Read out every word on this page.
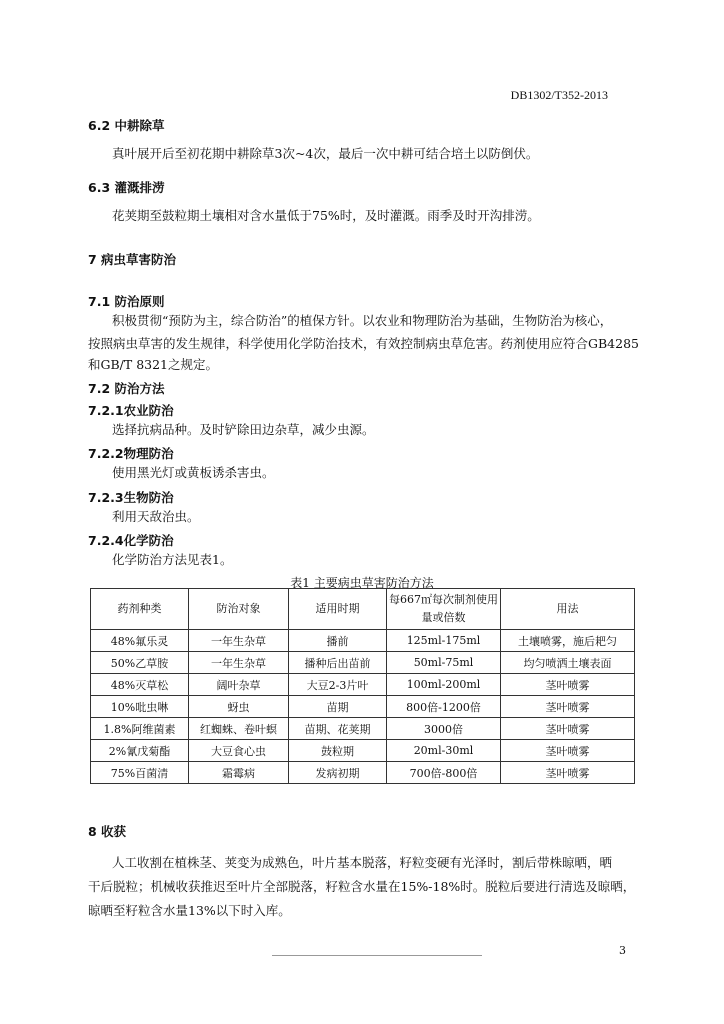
DB1302/T352-2013
6.2 中耕除草
真叶展开后至初花期中耕除草3次~4次，最后一次中耕可结合培土以防倒伏。
6.3 灌溉排涝
花荚期至鼓粒期土壤相对含水量低于75%时，及时灌溉。雨季及时开沟排涝。
7 病虫草害防治
7.1 防治原则
积极贯彻“预防为主，综合防治”的植保方针。以农业和物理防治为基础，生物防治为核心，
按照病虫草害的发生规律，科学使用化学防治技术，有效控制病虫草危害。药剂使用应符合GB4285
和GB/T 8321之规定。
7.2 防治方法
7.2.1农业防治
选择抗病品种。及时铲除田边杂草，减少虫源。
7.2.2物理防治
使用黑光灯或黄板诱杀害虫。
7.2.3生物防治
利用天敌治虫。
7.2.4化学防治
化学防治方法见表1。
表1 主要病虫草害防治方法
药剂种类	防治对象	适用时期	每667㎡每次制剂使用量或倍数	用法
48%氟乐灵	一年生杂草	播前	125ml-175ml	土壤喷雾，施后耙匀
50%乙草胺	一年生杂草	播种后出苗前	50ml-75ml	均匀喷洒土壤表面
48%灭草松	阔叶杂草	大豆2-3片叶	100ml-200ml	茎叶喷雾
10%吡虫啉	蚜虫	苗期	800倍-1200倍	茎叶喷雾
1.8%阿维菌素	红蜘蛛、卷叶螟	苗期、花荚期	3000倍	茎叶喷雾
2%氰戊菊酯	大豆食心虫	鼓粒期	20ml-30ml	茎叶喷雾
75%百菌清	霜霉病	发病初期	700倍-800倍	茎叶喷雾
8 收获
人工收割在植株茎、荚变为成熟色，叶片基本脱落，籽粒变硬有光泽时，割后带株晾晒，晒
干后脱粒；机械收获推迟至叶片全部脱落，籽粒含水量在15%-18%时。脱粒后要进行清选及晾晒，
晾晒至籽粒含水量13%以下时入库。
3
